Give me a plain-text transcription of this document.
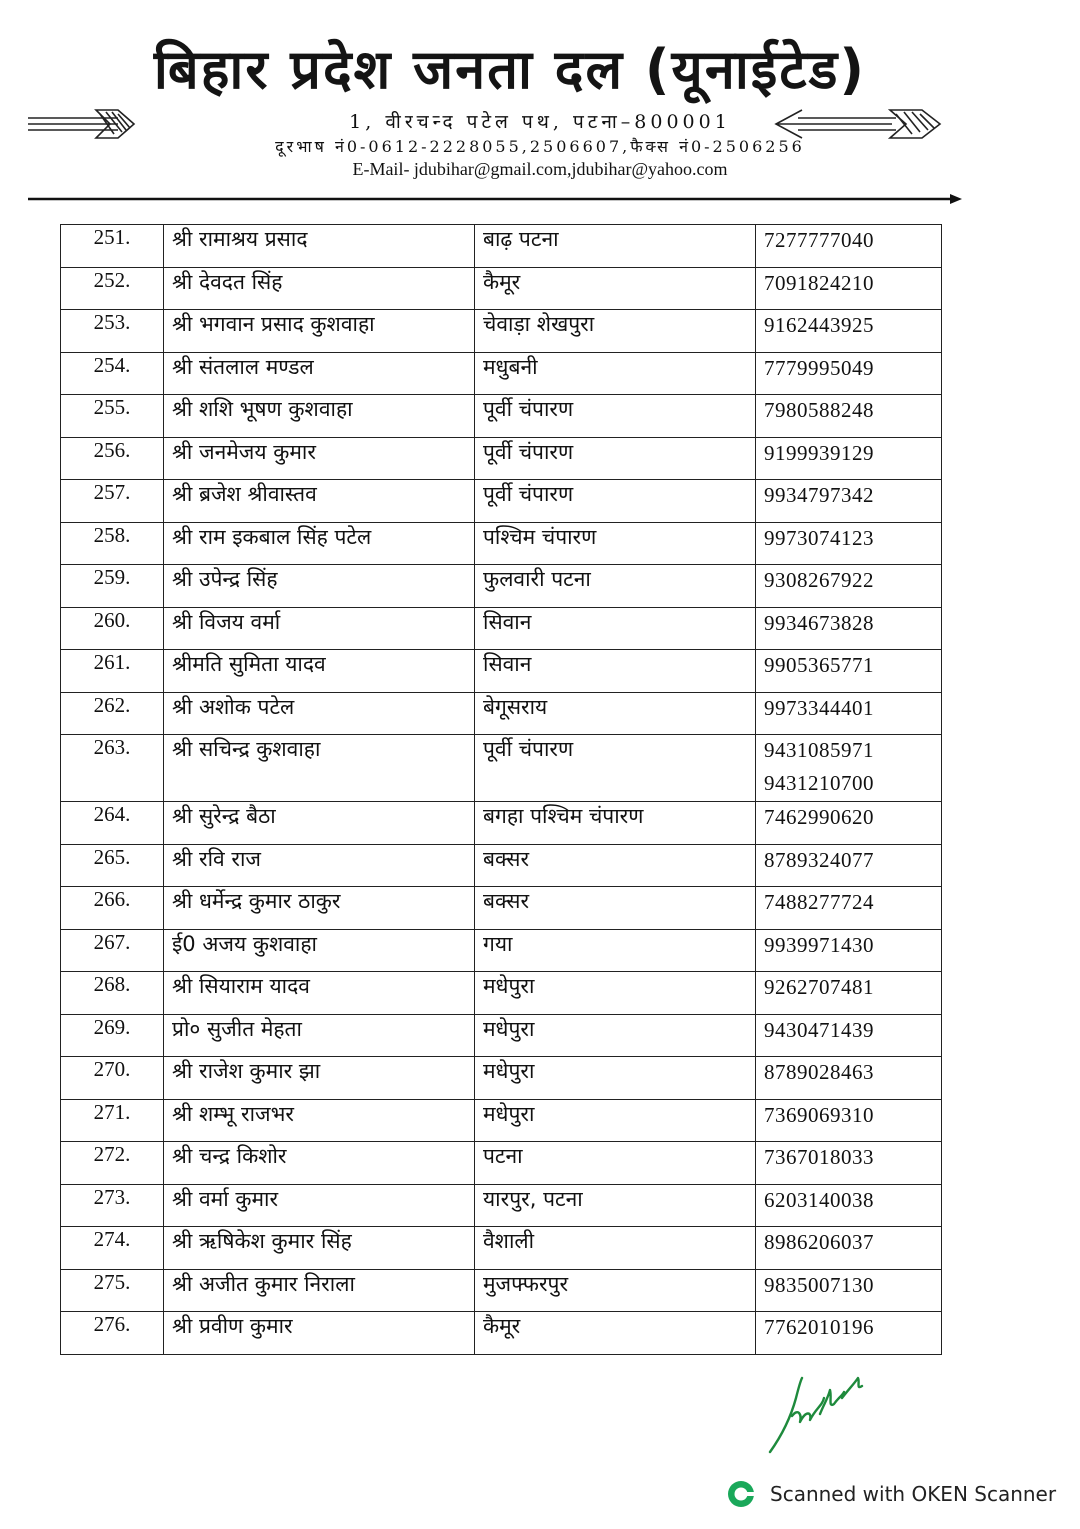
बिहार प्रदेश जनता दल (यूनाईटेड)
1, वीरचन्द पटेल पथ, पटना–800001
दूरभाष नं0-0612-2228055,2506607,फैक्स नं0-2506256
E-Mail- jdubihar@gmail.com,jdubihar@yahoo.com
251.	श्री रामाश्रय प्रसाद	बाढ़ पटना	7277777040

252.	श्री देवदत सिंह	कैमूर	7091824210

253.	श्री भगवान प्रसाद कुशवाहा	चेवाड़ा शेखपुरा	9162443925

254.	श्री संतलाल मण्डल	मधुबनी	7779995049

255.	श्री शशि भूषण कुशवाहा	पूर्वी चंपारण	7980588248

256.	श्री जनमेजय कुमार	पूर्वी चंपारण	9199939129

257.	श्री ब्रजेश श्रीवास्तव	पूर्वी चंपारण	9934797342

258.	श्री राम इकबाल सिंह पटेल	पश्चिम चंपारण	9973074123

259.	श्री उपेन्द्र सिंह	फुलवारी पटना	9308267922

260.	श्री विजय वर्मा	सिवान	9934673828

261.	श्रीमति सुमिता यादव	सिवान	9905365771

262.	श्री अशोक पटेल	बेगूसराय	9973344401

263.	श्री सचिन्द्र कुशवाहा	पूर्वी चंपारण	9431085971
9431210700

264.	श्री सुरेन्द्र बैठा	बगहा पश्चिम चंपारण	7462990620

265.	श्री रवि राज	बक्सर	8789324077

266.	श्री धर्मेन्द्र कुमार ठाकुर	बक्सर	7488277724

267.	ई0 अजय कुशवाहा	गया	9939971430

268.	श्री सियाराम यादव	मधेपुरा	9262707481

269.	प्रो० सुजीत मेहता	मधेपुरा	9430471439

270.	श्री राजेश कुमार झा	मधेपुरा	8789028463

271.	श्री शम्भू राजभर	मधेपुरा	7369069310

272.	श्री चन्द्र किशोर	पटना	7367018033

273.	श्री वर्मा कुमार	यारपुर, पटना	6203140038

274.	श्री ऋषिकेश कुमार सिंह	वैशाली	8986206037

275.	श्री अजीत कुमार निराला	मुजफ्फरपुर	9835007130

276.	श्री प्रवीण कुमार	कैमूर	7762010196
Scanned with OKEN Scanner
